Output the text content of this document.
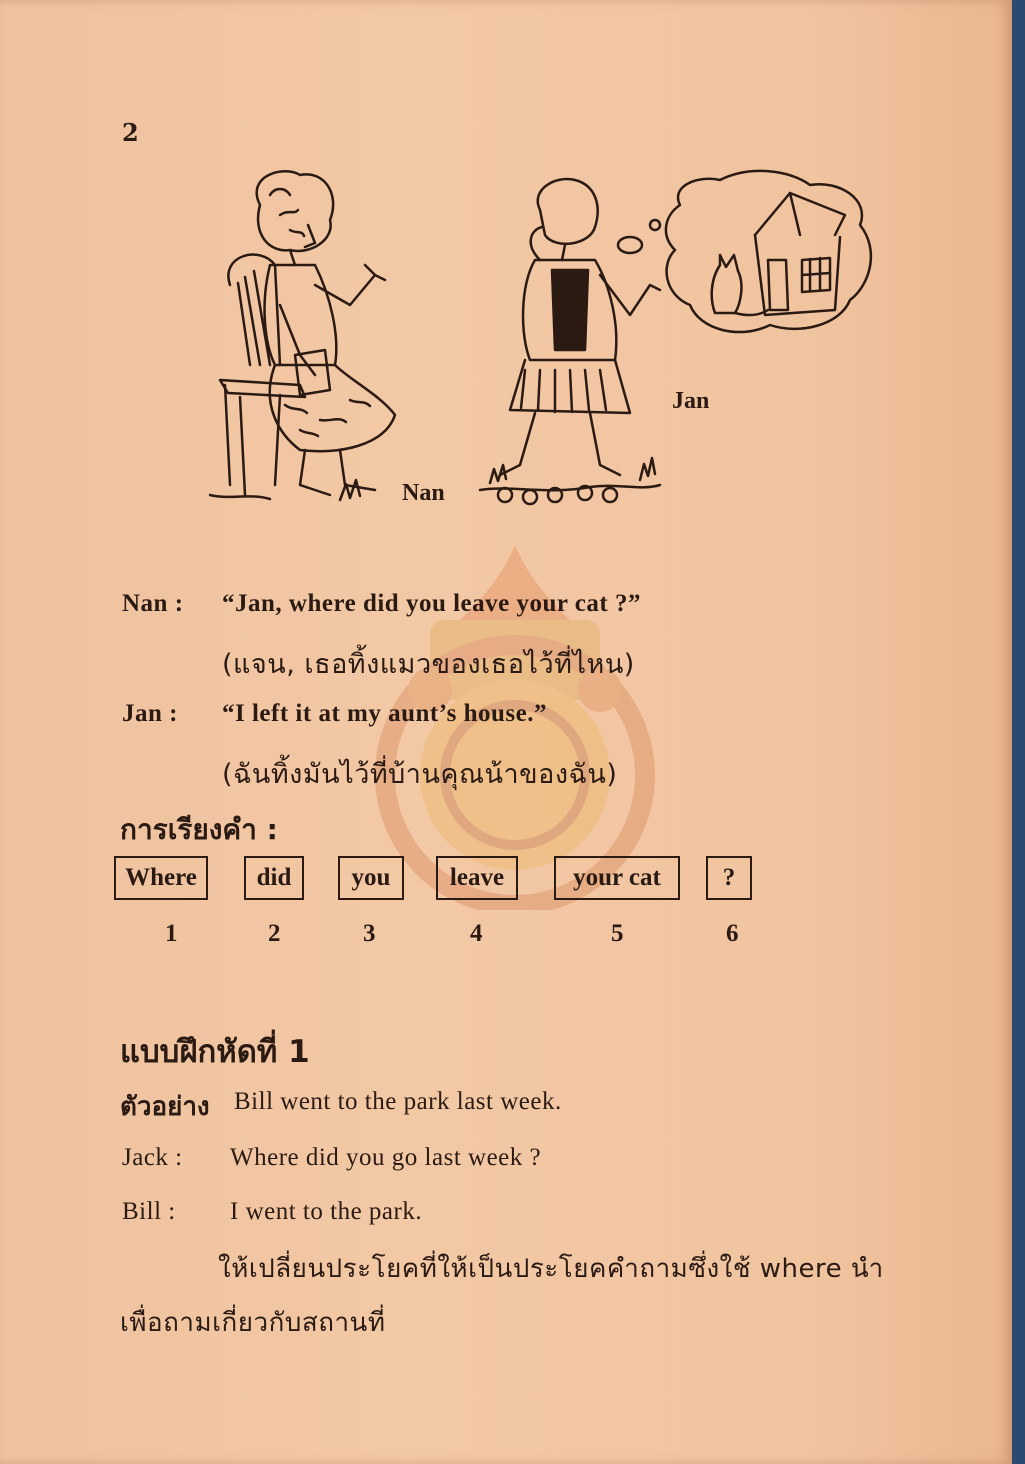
2
Nan
Jan
Nan : “Jan, where did you leave your cat ?”
(แจน, เธอทิ้งแมวของเธอไว้ที่ไหน)
Jan : “I left it at my aunt’s house.”
(ฉันทิ้งมันไว้ที่บ้านคุณน้าของฉัน)
การเรียงคำ :
Where	did	you	leave	your cat	?
1	2	3	4	5	6
แบบฝึกหัดที่ 1
ตัวอย่าง Bill went to the park last week.
Jack : Where did you go last week ?
Bill : I went to the park.
ให้เปลี่ยนประโยคที่ให้เป็นประโยคคำถามซึ่งใช้ where นำ
เพื่อถามเกี่ยวกับสถานที่
